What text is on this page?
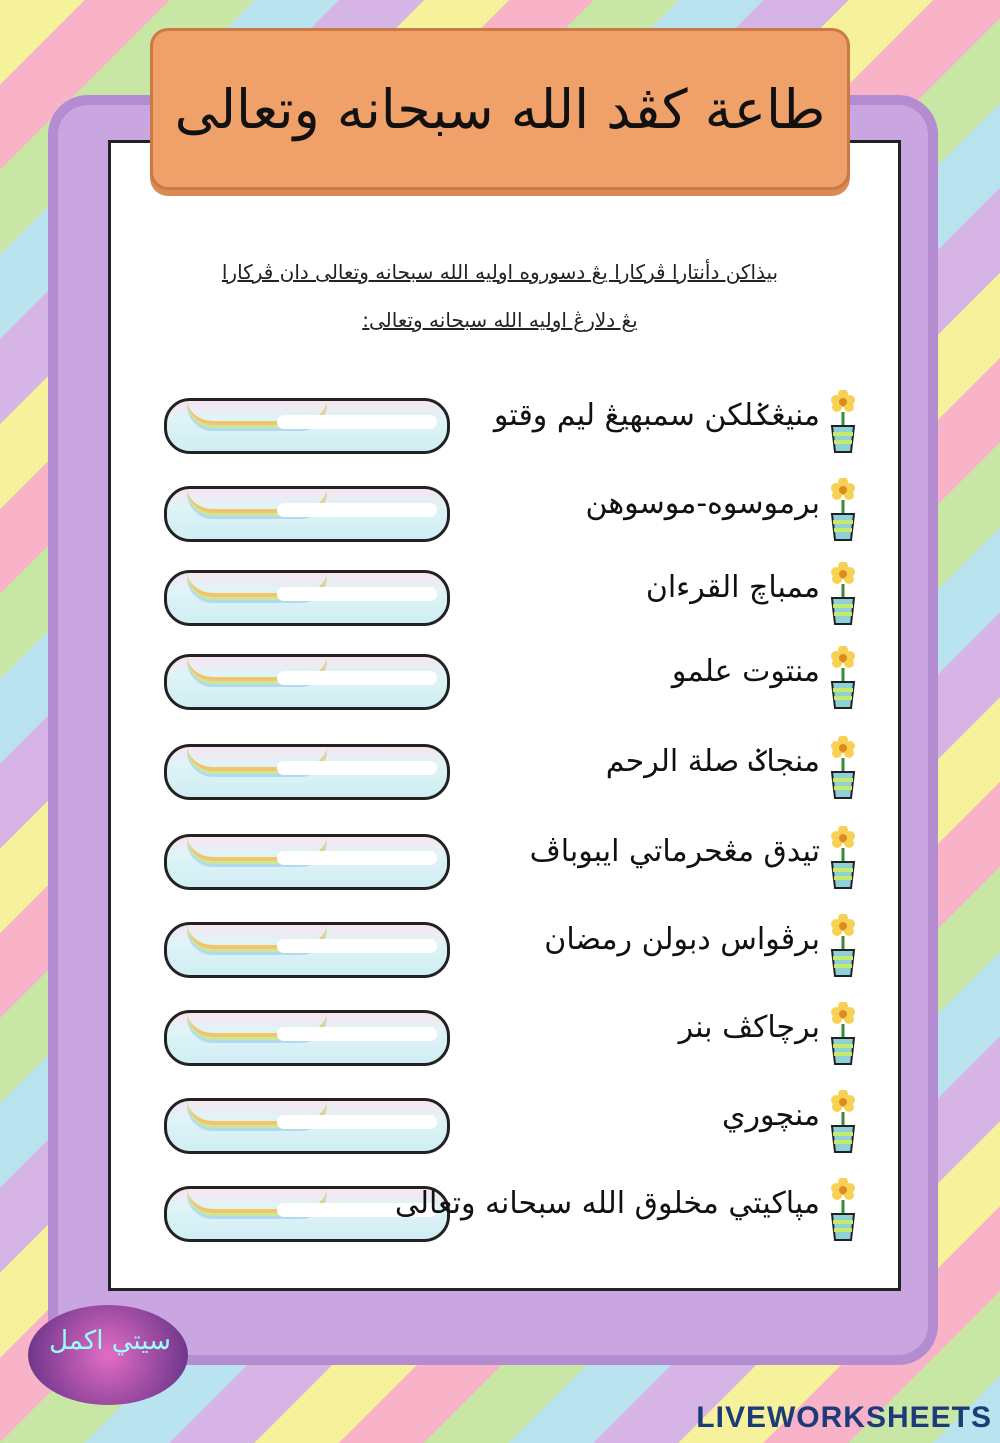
طاعة كڤد الله سبحانه وتعالى
بيذاكن دأنتارا ڤركارا يڠ دسوروه اوليه الله سبحانه وتعالى دان ڤركارا
يڠ دلارڠ اوليه الله سبحانه وتعالى:
منيڠݢلكن سمبهيڠ ليم وقتو
برموسوه-موسوهن
ممباچ القرءان
منتوت علمو
منجاݢ صلة الرحم
تيدق مڠحرماتي ايبوباڤ
برڤواس دبولن رمضان
برچاكڤ بنر
منچوري
مپاكيتي مخلوق الله سبحانه وتعالى
سيتي اكمل
LIVEWORKSHEETS
